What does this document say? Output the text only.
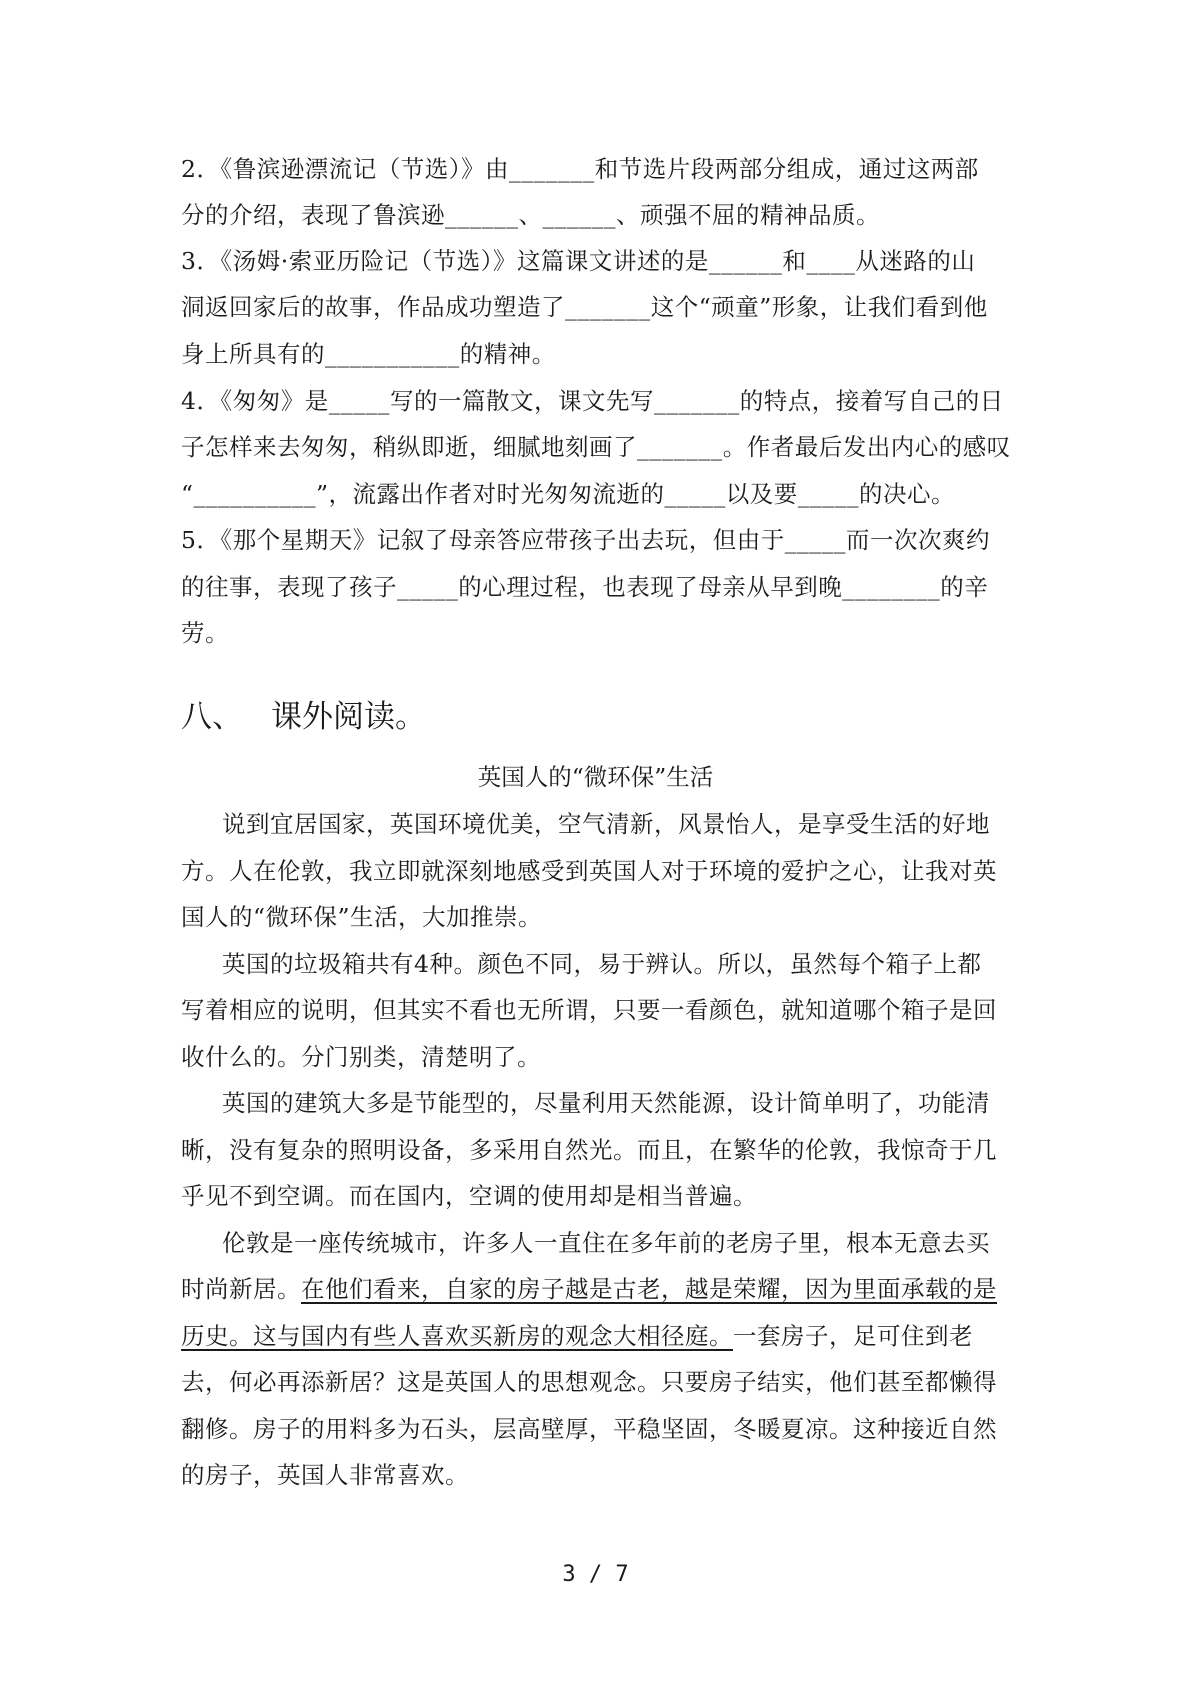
2．《鲁滨逊漂流记（节选）》由_______和节选片段两部分组成，通过这两部
分的介绍，表现了鲁滨逊______、______、顽强不屈的精神品质。
3．《汤姆·索亚历险记（节选）》这篇课文讲述的是______和____从迷路的山
洞返回家后的故事，作品成功塑造了_______这个“顽童”形象，让我们看到他
身上所具有的___________的精神。
4．《匆匆》是_____写的一篇散文，课文先写_______的特点，接着写自己的日
子怎样来去匆匆，稍纵即逝，细腻地刻画了_______。作者最后发出内心的感叹
“__________”，流露出作者对时光匆匆流逝的_____以及要_____的决心。
5．《那个星期天》记叙了母亲答应带孩子出去玩，但由于_____而一次次爽约
的往事，表现了孩子_____的心理过程，也表现了母亲从早到晚________的辛
劳。
八、 课外阅读。
英国人的“微环保”生活
说到宜居国家，英国环境优美，空气清新，风景怡人，是享受生活的好地
方。人在伦敦，我立即就深刻地感受到英国人对于环境的爱护之心，让我对英
国人的“微环保”生活，大加推崇。
英国的垃圾箱共有4种。颜色不同，易于辨认。所以，虽然每个箱子上都
写着相应的说明，但其实不看也无所谓，只要一看颜色，就知道哪个箱子是回
收什么的。分门别类，清楚明了。
英国的建筑大多是节能型的，尽量利用天然能源，设计简单明了，功能清
晰，没有复杂的照明设备，多采用自然光。而且，在繁华的伦敦，我惊奇于几
乎见不到空调。而在国内，空调的使用却是相当普遍。
伦敦是一座传统城市，许多人一直住在多年前的老房子里，根本无意去买
时尚新居。在他们看来，自家的房子越是古老，越是荣耀，因为里面承载的是
历史。这与国内有些人喜欢买新房的观念大相径庭。一套房子，足可住到老
去，何必再添新居？这是英国人的思想观念。只要房子结实，他们甚至都懒得
翻修。房子的用料多为石头，层高壁厚，平稳坚固，冬暖夏凉。这种接近自然
的房子，英国人非常喜欢。
3 / 7
